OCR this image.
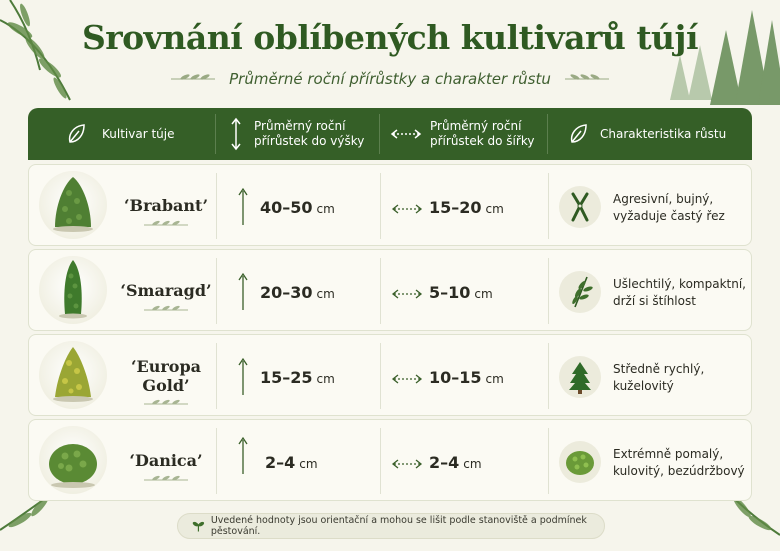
Srovnání oblíbených kultivarů tújí
Průměrné roční přírůstky a charakter růstu
Kultivar túje
Průměrný roční
přírůstek do výšky
Průměrný roční
přírůstek do šířky
Charakteristika růstu
‘Brabant’	40–50 cm	15–20 cm
Agresivní, bujný,
vyžaduje častý řez
‘Smaragd’	20–30 cm	5–10 cm
Ušlechtilý, kompaktní,
drží si štíhlost
‘Europa
Gold’	15–25 cm	10–15 cm
Středně rychlý,
kuželovitý
‘Danica’	2–4 cm	2–4 cm
Extrémně pomalý,
kulovitý, bezúdržbový
Uvedené hodnoty jsou orientační a mohou se lišit podle stanoviště a podmínek pěstování.
